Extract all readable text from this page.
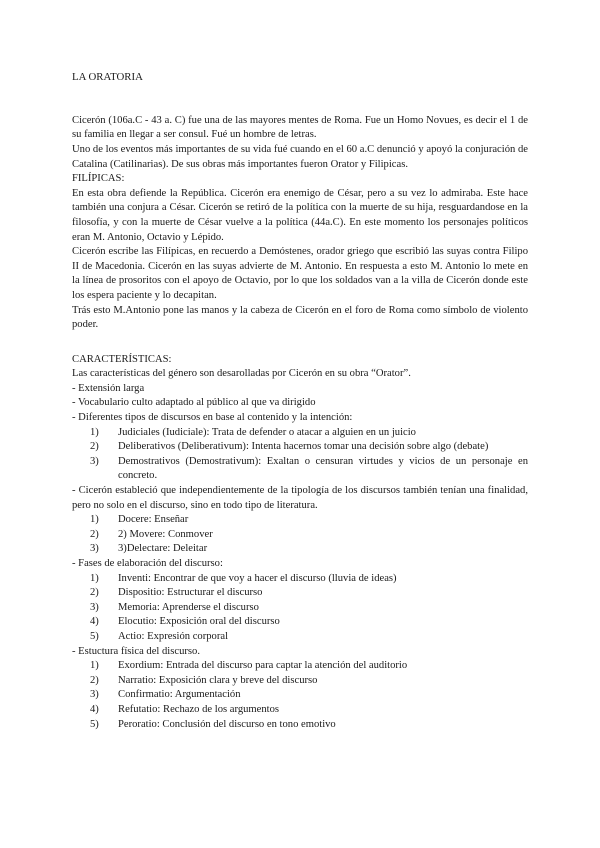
LA ORATORIA

Cicerón (106a.C - 43 a. C) fue una de las mayores mentes de Roma. Fue un Homo Novues, es decir el 1 de su familia en llegar a ser consul. Fué un hombre de letras.

Uno de los eventos más importantes de su vida fué cuando en el 60 a.C denunció y apoyó la conjuración de Catalina (Catilinarias). De sus obras más importantes fueron Orator y Filipicas.

FILÍPICAS:

En esta obra defiende la República. Cicerón era enemigo de César, pero a su vez lo admiraba. Este hace también una conjura a César. Cicerón se retiró de la política con la muerte de su hija, resguardandose en la filosofía, y con la muerte de César vuelve a la política (44a.C). En este momento los personajes políticos eran M. Antonio, Octavio y Lépido.

Cicerón escribe las Filípicas, en recuerdo a Demóstenes, orador griego que escribió las suyas contra Filipo II de Macedonia. Cicerón en las suyas advierte de M. Antonio. En respuesta a esto M. Antonio lo mete en la línea de prosoritos con el apoyo de Octavio, por lo que los soldados van a la villa de Cicerón donde este los espera paciente y lo decapitan.

Trás esto M.Antonio pone las manos y la cabeza de Cicerón en el foro de Roma como símbolo de violento poder.

CARACTERÍSTICAS:

Las características del género son desarolladas por Cicerón en su obra “Orator”.

- Extensión larga

- Vocabulario culto adaptado al público al que va dirigido

- Diferentes tipos de discursos en base al contenido y la intención:

1)	Judiciales (Iudiciale): Trata de defender o atacar a alguien en un juicio
2)	Deliberativos (Deliberativum): Intenta hacernos tomar una decisión sobre algo (debate)
3)	Demostrativos (Demostrativum): Exaltan o censuran virtudes y vicios de un personaje en concreto.

- Cicerón estableció que independientemente de la tipología de los discursos también tenían una finalidad, pero no solo en el discurso, sino en todo tipo de literatura.

1)	Docere: Enseñar
2)	2) Movere: Conmover
3)	3)Delectare: Deleitar

- Fases de elaboración del discurso:

1)	Inventi: Encontrar de que voy a hacer el discurso (lluvia de ideas)
2)	Dispositio: Estructurar el discurso
3)	Memoria: Aprenderse el discurso
4)	Elocutio: Exposición oral del discurso
5)	Actio: Expresión corporal

- Estuctura física del discurso.

1)	Exordium: Entrada del discurso para captar la atención del auditorio
2)	Narratio: Exposición clara y breve del discurso
3)	Confirmatio: Argumentación
4)	Refutatio: Rechazo de los argumentos
5)	Peroratio: Conclusión del discurso en tono emotivo
